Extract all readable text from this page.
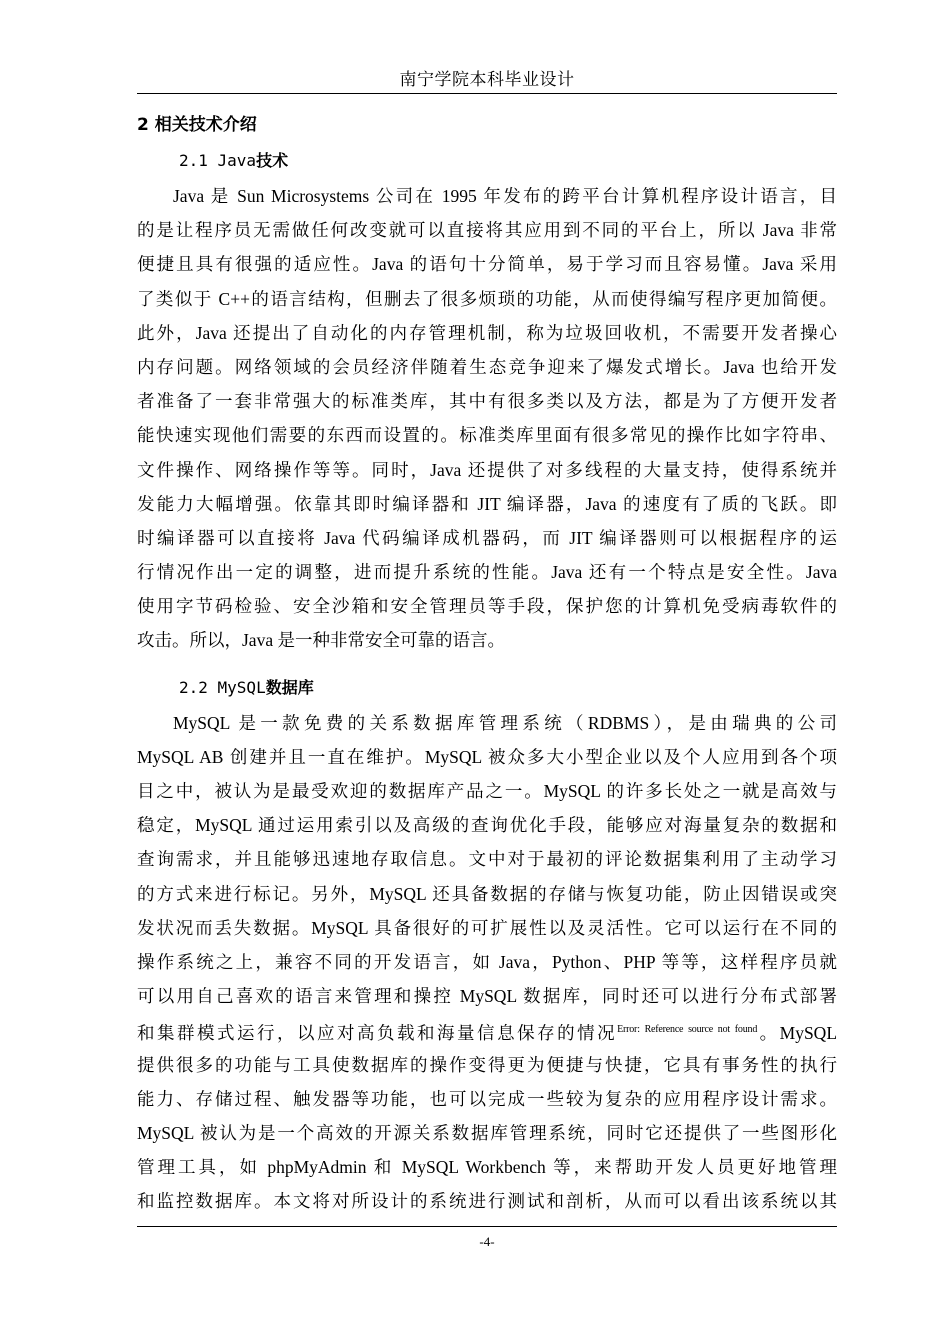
南宁学院本科毕业设计
2 相关技术介绍
2.1 Java技术
Java 是 Sun Microsystems 公司在 1995 年发布的跨平台计算机程序设计语言，目
的是让程序员无需做任何改变就可以直接将其应用到不同的平台上，所以 Java 非常
便捷且具有很强的适应性。Java 的语句十分简单，易于学习而且容易懂。Java 采用
了类似于 C++的语言结构，但删去了很多烦琐的功能，从而使得编写程序更加简便。
此外，Java 还提出了自动化的内存管理机制，称为垃圾回收机，不需要开发者操心
内存问题。网络领域的会员经济伴随着生态竞争迎来了爆发式增长。Java 也给开发
者准备了一套非常强大的标准类库，其中有很多类以及方法，都是为了方便开发者
能快速实现他们需要的东西而设置的。标准类库里面有很多常见的操作比如字符串、
文件操作、网络操作等等。同时，Java 还提供了对多线程的大量支持，使得系统并
发能力大幅增强。依靠其即时编译器和 JIT 编译器，Java 的速度有了质的飞跃。即
时编译器可以直接将 Java 代码编译成机器码，而 JIT 编译器则可以根据程序的运
行情况作出一定的调整，进而提升系统的性能。Java 还有一个特点是安全性。Java
使用字节码检验、安全沙箱和安全管理员等手段，保护您的计算机免受病毒软件的
攻击。所以，Java 是一种非常安全可靠的语言。
2.2 MySQL数据库
MySQL 是一款免费的关系数据库管理系统（RDBMS），是由瑞典的公司
MySQL AB 创建并且一直在维护。MySQL 被众多大小型企业以及个人应用到各个项
目之中，被认为是最受欢迎的数据库产品之一。MySQL 的许多长处之一就是高效与
稳定，MySQL 通过运用索引以及高级的查询优化手段，能够应对海量复杂的数据和
查询需求，并且能够迅速地存取信息。文中对于最初的评论数据集利用了主动学习
的方式来进行标记。另外，MySQL 还具备数据的存储与恢复功能，防止因错误或突
发状况而丢失数据。MySQL 具备很好的可扩展性以及灵活性。它可以运行在不同的
操作系统之上，兼容不同的开发语言，如 Java，Python、PHP 等等，这样程序员就
可以用自己喜欢的语言来管理和操控 MySQL 数据库，同时还可以进行分布式部署
和集群模式运行，以应对高负载和海量信息保存的情况$^{Error: Reference source not found}$。MySQL
提供很多的功能与工具使数据库的操作变得更为便捷与快捷，它具有事务性的执行
能力、存储过程、触发器等功能，也可以完成一些较为复杂的应用程序设计需求。
MySQL 被认为是一个高效的开源关系数据库管理系统，同时它还提供了一些图形化
管理工具，如 phpMyAdmin 和 MySQL Workbench 等，来帮助开发人员更好地管理
和监控数据库。本文将对所设计的系统进行测试和剖析，从而可以看出该系统以其
-4-
